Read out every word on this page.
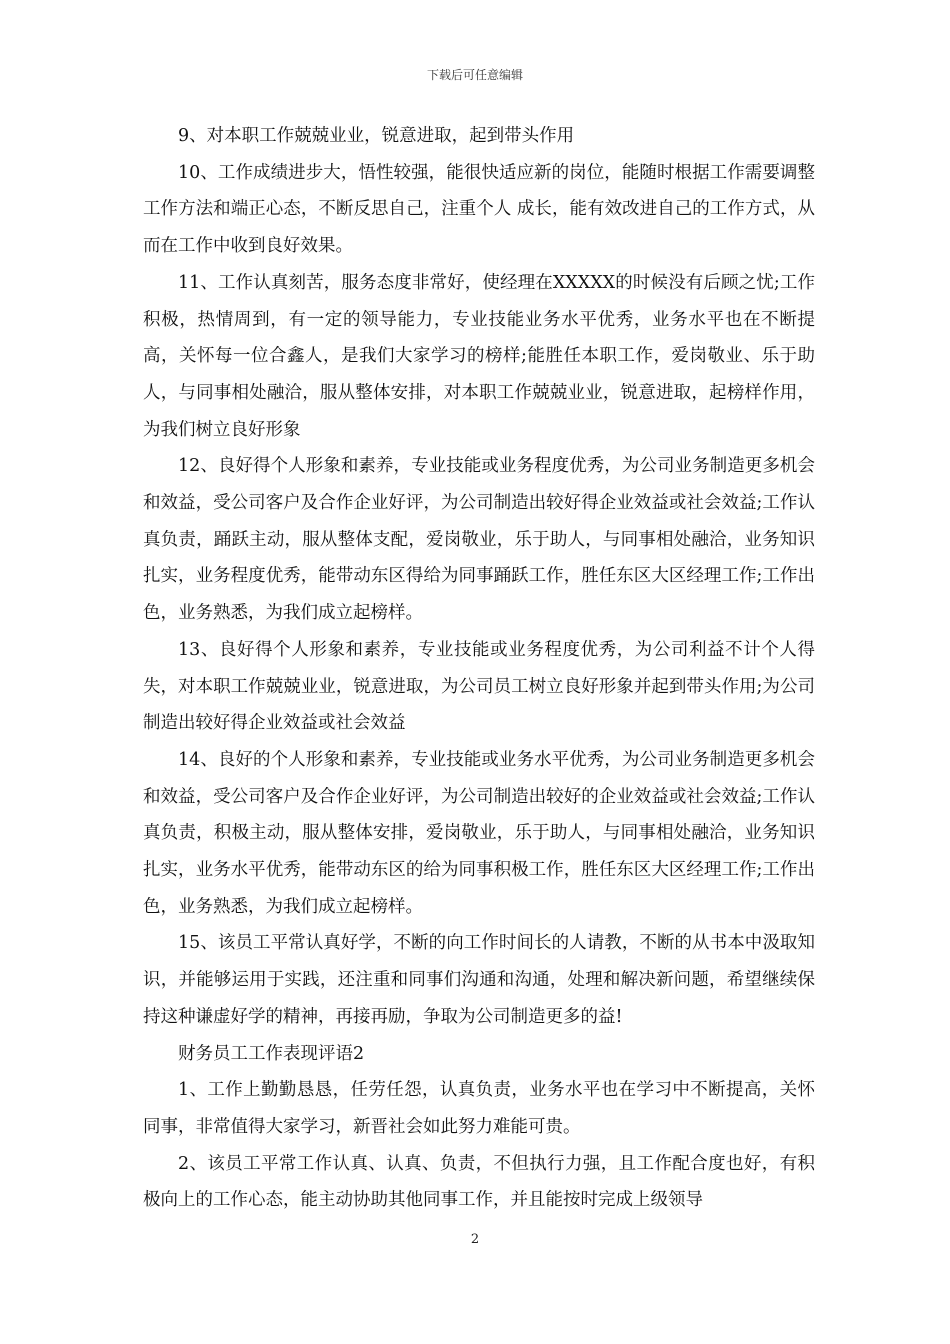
下载后可任意编辑

9、对本职工作兢兢业业，锐意进取，起到带头作用

10、工作成绩进步大，悟性较强，能很快适应新的岗位，能随时根据工作需要调整工作方法和端正心态，不断反思自己，注重个人 成长，能有效改进自己的工作方式，从而在工作中收到良好效果。

11、工作认真刻苦，服务态度非常好，使经理在XXXXX的时候没有后顾之忧;工作积极，热情周到，有一定的领导能力，专业技能业务水平优秀，业务水平也在不断提高，关怀每一位合鑫人，是我们大家学习的榜样;能胜任本职工作，爱岗敬业、乐于助人，与同事相处融洽，服从整体安排，对本职工作兢兢业业，锐意进取，起榜样作用，为我们树立良好形象

12、良好得个人形象和素养，专业技能或业务程度优秀，为公司业务制造更多机会和效益，受公司客户及合作企业好评，为公司制造出较好得企业效益或社会效益;工作认真负责，踊跃主动，服从整体支配，爱岗敬业，乐于助人，与同事相处融洽，业务知识扎实，业务程度优秀，能带动东区得给为同事踊跃工作，胜任东区大区经理工作;工作出色，业务熟悉，为我们成立起榜样。

13、良好得个人形象和素养，专业技能或业务程度优秀，为公司利益不计个人得失，对本职工作兢兢业业，锐意进取，为公司员工树立良好形象并起到带头作用;为公司制造出较好得企业效益或社会效益

14、良好的个人形象和素养，专业技能或业务水平优秀，为公司业务制造更多机会和效益，受公司客户及合作企业好评，为公司制造出较好的企业效益或社会效益;工作认真负责，积极主动，服从整体安排，爱岗敬业，乐于助人，与同事相处融洽，业务知识扎实，业务水平优秀，能带动东区的给为同事积极工作，胜任东区大区经理工作;工作出色，业务熟悉，为我们成立起榜样。

15、该员工平常认真好学，不断的向工作时间长的人请教，不断的从书本中汲取知识，并能够运用于实践，还注重和同事们沟通和沟通，处理和解决新问题，希望继续保持这种谦虚好学的精神，再接再励，争取为公司制造更多的益!

财务员工工作表现评语2

1、工作上勤勤恳恳，任劳任怨，认真负责，业务水平也在学习中不断提高，关怀同事，非常值得大家学习，新晋社会如此努力难能可贵。

2、该员工平常工作认真、认真、负责，不但执行力强，且工作配合度也好，有积极向上的工作心态，能主动协助其他同事工作，并且能按时完成上级领导

2
